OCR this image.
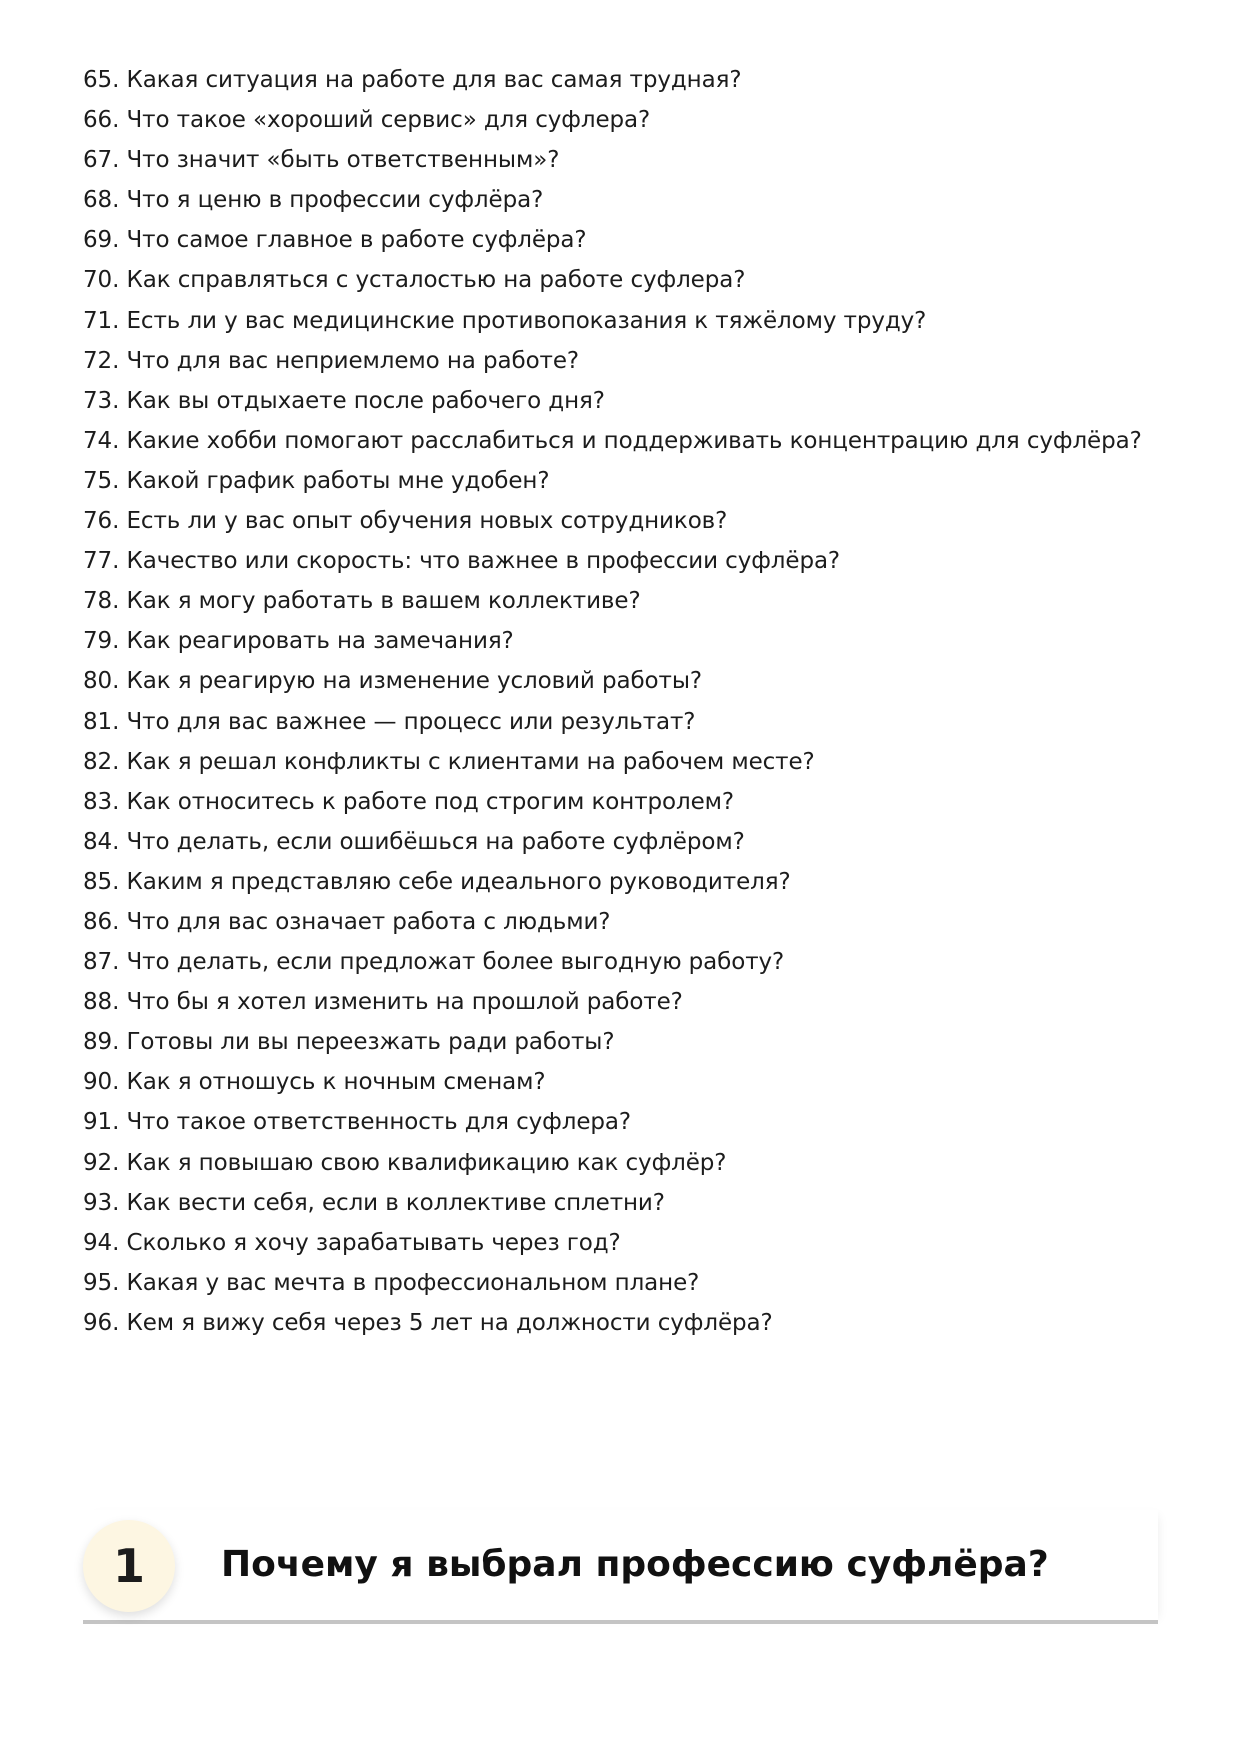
65. Какая ситуация на работе для вас самая трудная?
66. Что такое «хороший сервис» для суфлера?
67. Что значит «быть ответственным»?
68. Что я ценю в профессии суфлёра?
69. Что самое главное в работе суфлёра?
70. Как справляться с усталостью на работе суфлера?
71. Есть ли у вас медицинские противопоказания к тяжёлому труду?
72. Что для вас неприемлемо на работе?
73. Как вы отдыхаете после рабочего дня?
74. Какие хобби помогают расслабиться и поддерживать концентрацию для суфлёра?
75. Какой график работы мне удобен?
76. Есть ли у вас опыт обучения новых сотрудников?
77. Качество или скорость: что важнее в профессии суфлёра?
78. Как я могу работать в вашем коллективе?
79. Как реагировать на замечания?
80. Как я реагирую на изменение условий работы?
81. Что для вас важнее — процесс или результат?
82. Как я решал конфликты с клиентами на рабочем месте?
83. Как относитесь к работе под строгим контролем?
84. Что делать, если ошибёшься на работе суфлёром?
85. Каким я представляю себе идеального руководителя?
86. Что для вас означает работа с людьми?
87. Что делать, если предложат более выгодную работу?
88. Что бы я хотел изменить на прошлой работе?
89. Готовы ли вы переезжать ради работы?
90. Как я отношусь к ночным сменам?
91. Что такое ответственность для суфлера?
92. Как я повышаю свою квалификацию как суфлёр?
93. Как вести себя, если в коллективе сплетни?
94. Сколько я хочу зарабатывать через год?
95. Какая у вас мечта в профессиональном плане?
96. Кем я вижу себя через 5 лет на должности суфлёра?
1	Почему я выбрал профессию суфлёра?
